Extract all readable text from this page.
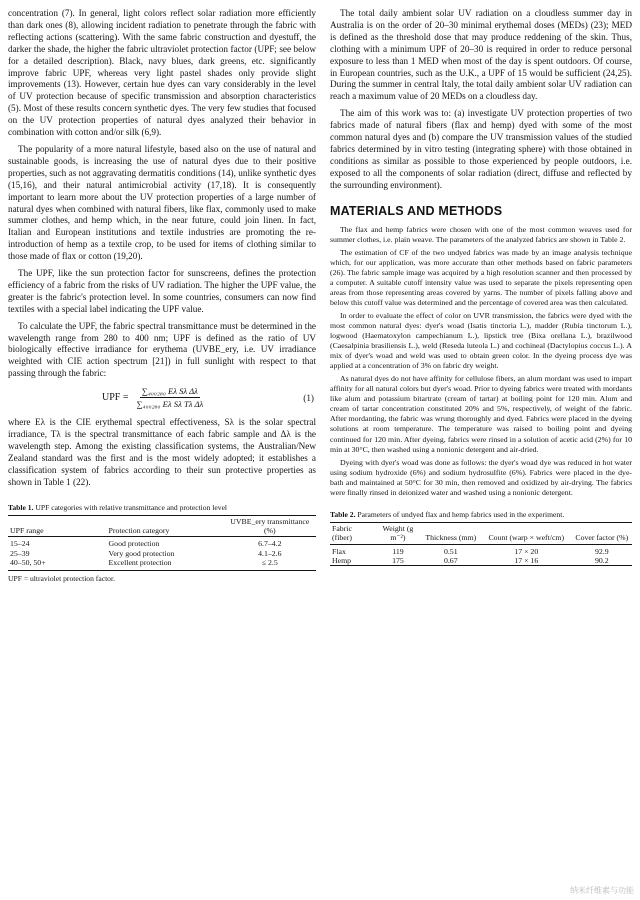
concentration (7). In general, light colors reflect solar radiation more efficiently than dark ones (8), allowing incident radiation to penetrate through the fabric with reflecting actions (scattering). With the same fabric construction and dyestuff, the darker the shade, the higher the fabric ultraviolet protection factor (UPF; see below for a detailed description). Black, navy blues, dark greens, etc. significantly improve fabric UPF, whereas very light pastel shades only provide slight improvements (13). However, certain hue dyes can vary considerably in the level of UV protection because of specific transmission and absorption characteristics (5). Most of these results concern synthetic dyes. The very few studies that focused on the UV protection properties of natural dyes analyzed their behavior in combination with cotton and/or silk (6,9).

The popularity of a more natural lifestyle, based also on the use of natural and sustainable goods, is increasing the use of natural dyes due to their positive properties, such as not aggravating dermatitis conditions (14), unlike synthetic dyes (15,16), and their natural antimicrobial activity (17,18). It is consequently important to learn more about the UV protection properties of a large number of natural dyes when combined with natural fibers, like flax, commonly used to make summer clothes, and hemp which, in the near future, could join linen. In fact, Italian and European institutions and textile industries are promoting the re-introduction of hemp as a textile crop, to be used for items of clothing similar to those made of flax or cotton (19,20).

The UPF, like the sun protection factor for sunscreens, defines the protection efficiency of a fabric from the risks of UV radiation. The higher the UPF value, the greater is the fabric's protection level. In some countries, consumers can now find textiles with a special label indicating the UPF value.

To calculate the UPF, the fabric spectral transmittance must be determined in the wavelength range from 280 to 400 nm; UPF is defined as the ratio of UV biologically effective irradiance for erythema (UVBE_ery, i.e. UV irradiance weighted with CIE action spectrum [21]) in full sunlight with respect to that passing through the fabric:

UPF = $\frac{\text{∑₄₀₀₂₈₀ Eλ Sλ Δλ}}{\text{∑₄₀₀₂₈₀ Eλ Sλ Tλ Δλ}}$	(1)

where Eλ is the CIE erythemal spectral effectiveness, Sλ is the solar spectral irradiance, Tλ is the spectral transmittance of each fabric sample and Δλ is the wavelength step. Among the existing classification systems, the Australian/New Zealand standard was the first and is the most widely adopted; it establishes a classification system of fabrics according to their sun protective properties as shown in Table 1 (22).

Table 1. UPF categories with relative transmittance and protection level
UPF range	Protection category	UVBE_ery transmittance (%)
15–24	Good protection	6.7–4.2
25–39	Very good protection	4.1–2.6
40–50, 50+	Excellent protection	≤ 2.5
UPF = ultraviolet protection factor.

The total daily ambient solar UV radiation on a cloudless summer day in Australia is on the order of 20–30 minimal erythemal doses (MEDs) (23); MED is defined as the threshold dose that may produce reddening of the skin. Thus, clothing with a minimum UPF of 20–30 is required in order to reduce personal exposure to less than 1 MED when most of the day is spent outdoors. Of course, in European countries, such as the U.K., a UPF of 15 would be sufficient (24,25). During the summer in central Italy, the total daily ambient solar UV radiation can reach a maximum value of 20 MEDs on a cloudless day.

The aim of this work was to: (a) investigate UV protection properties of two fabrics made of natural fibers (flax and hemp) dyed with some of the most common natural dyes and (b) compare the UV transmission values of the studied fabrics determined by in vitro testing (integrating sphere) with those obtained in conditions as similar as possible to those experienced by people outdoors, i.e. exposed to all the components of solar radiation (direct, diffuse and reflected by the surrounding environment).

MATERIALS AND METHODS

The flax and hemp fabrics were chosen with one of the most common weaves used for summer clothes, i.e. plain weave. The parameters of the analyzed fabrics are shown in Table 2.

The estimation of CF of the two undyed fabrics was made by an image analysis technique which, for our application, was more accurate than other methods based on fabric parameters (26). The fabric sample image was acquired by a high resolution scanner and then processed by a computer. A suitable cutoff intensity value was used to separate the pixels representing open areas from those representing areas covered by yarns. The number of pixels falling above and below this cutoff value was determined and the percentage of covered area was then calculated.

In order to evaluate the effect of color on UVR transmission, the fabrics were dyed with the most common natural dyes: dyer's woad (Isatis tinctoria L.), madder (Rubia tinctorum L.), logwood (Haematoxylon campechianum L.), lipstick tree (Bixa orellana L.), brazilwood (Caesalpinia brasiliensis L.), weld (Reseda luteola L.) and cochineal (Dactylopius coccus L.). A mix of dyer's woad and weld was used to obtain green color. In the dyeing process dye was applied at a concentration of 3% on fabric dry weight.

As natural dyes do not have affinity for cellulose fibers, an alum mordant was used to impart affinity for all natural colors but dyer's woad. Prior to dyeing fabrics were treated with mordants like alum and potassium bitartrate (cream of tartar) at boiling point for 120 min. Alum and cream of tartar concentration constituted 20% and 5%, respectively, of weight of the fabric. After mordanting, the fabric was wrung thoroughly and dyed. Fabrics were placed in the dyeing solutions at room temperature. The temperature was raised to boiling point and dyeing continued for 120 min. After dyeing, fabrics were rinsed in a solution of acetic acid (2%) for 10 min at 30°C, then washed using a nonionic detergent and air-dried.

Dyeing with dyer's woad was done as follows: the dyer's woad dye was reduced in hot water using sodium hydroxide (6%) and sodium hydrosulfite (6%). Fabrics were placed in the dye-bath and maintained at 50°C for 30 min, then removed and oxidized by air-drying. The fabrics were finally rinsed in deionized water and washed using a nonionic detergent.

Table 2. Parameters of undyed flax and hemp fabrics used in the experiment.
Fabric (fiber)	Weight (g m⁻²)	Thickness (mm)	Count (warp × weft/cm)	Cover factor (%)
Flax	119	0.51	17 × 20	92.9
Hemp	175	0.67	17 × 16	90.2
纳米纤维素与功能
